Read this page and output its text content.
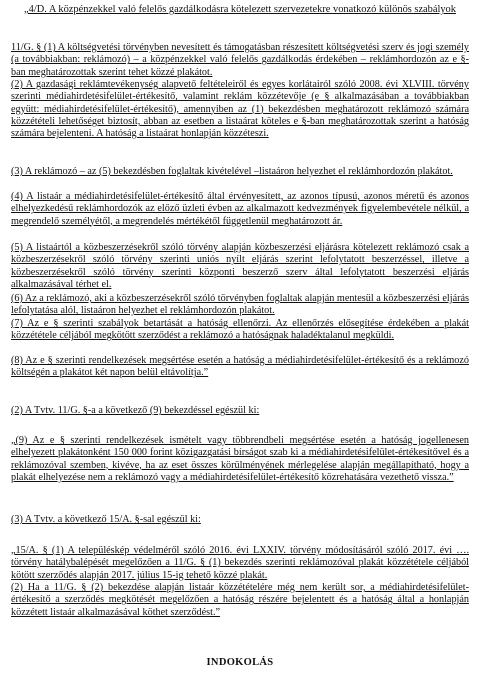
„4/D. A közpénzekkel való felelős gazdálkodásra kötelezett szervezetekre vonatkozó különös szabályok

11/G. § (1) A költségvetési törvényben nevesített és támogatásban részesített költségvetési szerv és jogi személy (a továbbiakban: reklámozó) – a közpénzekkel való felelős gazdálkodás érdekében – reklámhordozón az e §-ban meghatározottak szerint tehet közzé plakátot.

(2) A gazdasági reklámtevékenység alapvető feltételeiről és egyes korlátairól szóló 2008. évi XLVIII. törvény szerinti médiahirdetésifelület-értékesítő, valamint reklám közzétevője (e § alkalmazásában a továbbiakban együtt: médiahirdetésifelület-értékesítő), amennyiben az (1) bekezdésben meghatározott reklámozó számára közzétételi lehetőséget biztosít, abban az esetben a listaárat köteles e §-ban meghatározottak szerint a hatóság számára bejelenteni. A hatóság a listaárat honlapján közzéteszi.

(3) A reklámozó – az (5) bekezdésben foglaltak kivételével –listaáron helyezhet el reklámhordozón plakátot.

(4) A listaár a médiahirdetésifelület-értékesítő által érvényesített, az azonos típusú, azonos méretű és azonos elhelyezkedésű reklámhordozók az előző üzleti évben az alkalmazott kedvezmények figyelembevétele nélkül, a megrendelő személyétől, a megrendelés mértékétől függetlenül meghatározott ár.

(5) A listaártól a közbeszerzésekről szóló törvény alapján közbeszerzési eljárásra kötelezett reklámozó csak a közbeszerzésekről szóló törvény szerinti uniós nyílt eljárás szerint lefolytatott beszerzéssel, illetve a közbeszerzésekről szóló törvény szerinti központi beszerző szerv által lefolytatott beszerzési eljárás alkalmazásával térhet el.

(6) Az a reklámozó, aki a közbeszerzésekről szóló törvényben foglaltak alapján mentesül a közbeszerzési eljárás lefolytatása alól, listaáron helyezhet el reklámhordozón plakátot.

(7) Az e § szerinti szabályok betartását a hatóság ellenőrzi. Az ellenőrzés elősegítése érdekében a plakát közzététele céljából megkötött szerződést a reklámozó a hatóságnak haladéktalanul megküldi.

(8) Az e § szerinti rendelkezések megsértése esetén a hatóság a médiahirdetésifelület-értékesítő és a reklámozó költségén a plakátot két napon belül eltávolítja.”

(2) A Tvtv. 11/G. §-a a következő (9) bekezdéssel egészül ki:

„(9) Az e § szerinti rendelkezések ismételt vagy többrendbeli megsértése esetén a hatóság jogellenesen elhelyezett plakátonként 150 000 forint közigazgatási bírságot szab ki a médiahirdetésifelület-értékesítővel és a reklámozóval szemben, kivéve, ha az eset összes körülményének mérlegelése alapján megállapítható, hogy a plakát elhelyezése nem a reklámozó vagy a médiahirdetésifelület-értékesítő közrehatására vezethető vissza.”

(3) A Tvtv. a következő 15/A. §-sal egészül ki:

„15/A. § (1) A településkép védelméről szóló 2016. évi LXXIV. törvény módosításáról szóló 2017. évi …. törvény hatálybalépését megelőzően a 11/G. § (1) bekezdés szerinti reklámozóval plakát közzététele céljából kötött szerződés alapján 2017. július 15-ig tehető közzé plakát.

(2) Ha a 11/G. § (2) bekezdése alapján listaár közzétételére még nem került sor, a médiahirdetésifelület-értékesítő a szerződés megkötését megelőzően a hatóság részére bejelentett és a hatóság által a honlapján közzétett listaár alkalmazásával köthet szerződést.”

INDOKOLÁS
